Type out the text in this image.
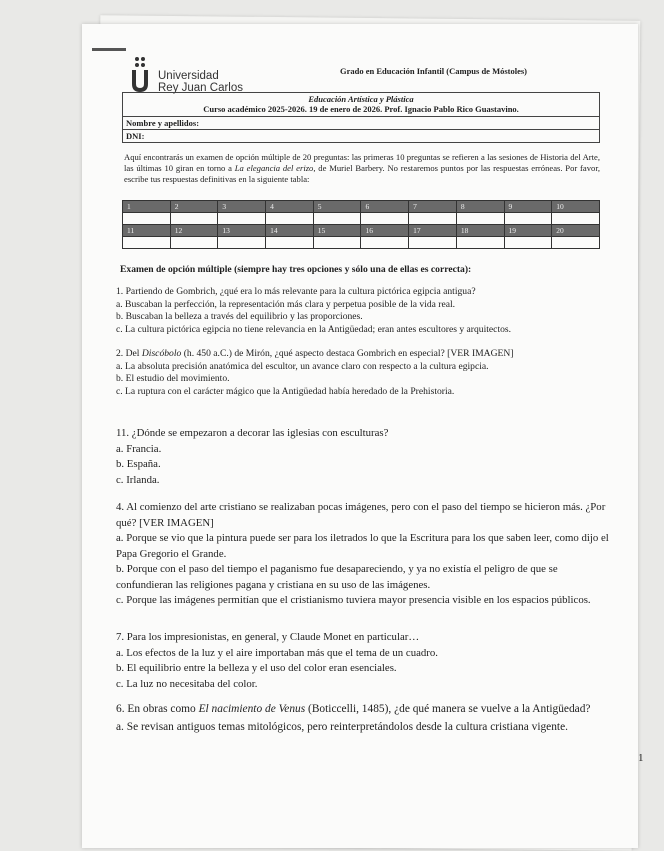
Universidad
Rey Juan Carlos
Grado en Educación Infantil (Campus de Móstoles)
Educación Artística y Plástica
Curso académico 2025-2026. 19 de enero de 2026. Prof. Ignacio Pablo Rico Guastavino.
Nombre y apellidos:
DNI:
Aquí encontrarás un examen de opción múltiple de 20 preguntas: las primeras 10 preguntas se refieren a las sesiones de Historia del Arte, las últimas 10 giran en torno a La elegancia del erizo, de Muriel Barbery. No restaremos puntos por las respuestas erróneas. Por favor, escribe tus respuestas definitivas en la siguiente tabla:
1	2	3	4	5	6	7	8	9	10

11	12	13	14	15	16	17	18	19	20

Examen de opción múltiple (siempre hay tres opciones y sólo una de ellas es correcta):

1. Partiendo de Gombrich, ¿qué era lo más relevante para la cultura pictórica egipcia antigua?

a. Buscaban la perfección, la representación más clara y perpetua posible de la vida real.

b. Buscaban la belleza a través del equilibrio y las proporciones.

c. La cultura pictórica egipcia no tiene relevancia en la Antigüedad; eran antes escultores y arquitectos.

2. Del Discóbolo (h. 450 a.C.) de Mirón, ¿qué aspecto destaca Gombrich en especial? [VER IMAGEN]

a. La absoluta precisión anatómica del escultor, un avance claro con respecto a la cultura egipcia.

b. El estudio del movimiento.

c. La ruptura con el carácter mágico que la Antigüedad había heredado de la Prehistoria.

11. ¿Dónde se empezaron a decorar las iglesias con esculturas?

a. Francia.

b. España.

c. Irlanda.

4. Al comienzo del arte cristiano se realizaban pocas imágenes, pero con el paso del tiempo se hicieron más. ¿Por qué? [VER IMAGEN]

a. Porque se vio que la pintura puede ser para los iletrados lo que la Escritura para los que saben leer, como dijo el Papa Gregorio el Grande.

b. Porque con el paso del tiempo el paganismo fue desapareciendo, y ya no existía el peligro de que se confundieran las religiones pagana y cristiana en su uso de las imágenes.

c. Porque las imágenes permitían que el cristianismo tuviera mayor presencia visible en los espacios públicos.

7. Para los impresionistas, en general, y Claude Monet en particular…

a. Los efectos de la luz y el aire importaban más que el tema de un cuadro.

b. El equilibrio entre la belleza y el uso del color eran esenciales.

c. La luz no necesitaba del color.

6. En obras como El nacimiento de Venus (Boticcelli, 1485), ¿de qué manera se vuelve a la Antigüedad?

a. Se revisan antiguos temas mitológicos, pero reinterpretándolos desde la cultura cristiana vigente.

1
